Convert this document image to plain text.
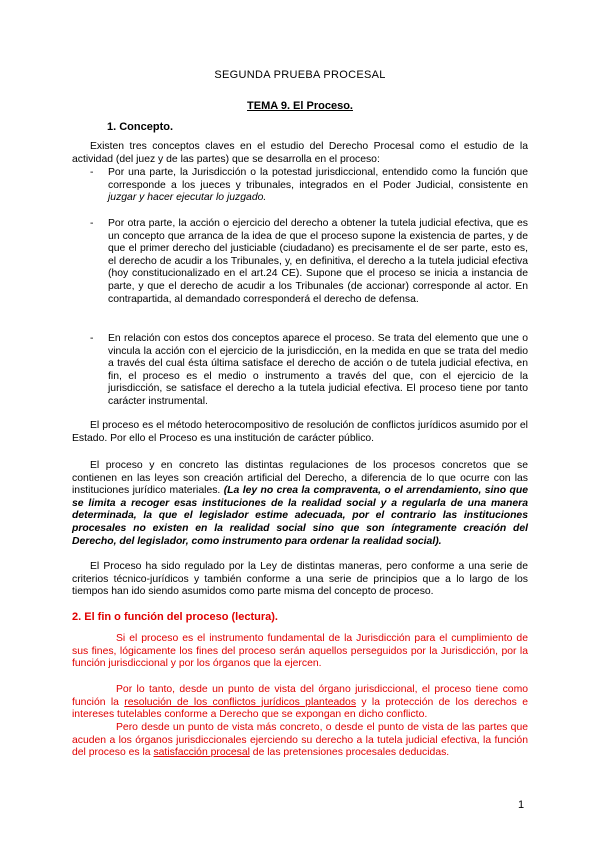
SEGUNDA PRUEBA PROCESAL
TEMA 9. El Proceso.
1. Concepto.

Existen tres conceptos claves en el estudio del Derecho Procesal como el estudio de la actividad (del juez y de las partes) que se desarrolla en el proceso:

- Por una parte, la Jurisdicción o la potestad jurisdiccional, entendido como la función que corresponde a los jueces y tribunales, integrados en el Poder Judicial, consistente en juzgar y hacer ejecutar lo juzgado.

- Por otra parte, la acción o ejercicio del derecho a obtener la tutela judicial efectiva, que es un concepto que arranca de la idea de que el proceso supone la existencia de partes, y de que el primer derecho del justiciable (ciudadano) es precisamente el de ser parte, esto es, el derecho de acudir a los Tribunales, y, en definitiva, el derecho a la tutela judicial efectiva (hoy constitucionalizado en el art.24 CE). Supone que el proceso se inicia a instancia de parte, y que el derecho de acudir a los Tribunales (de accionar) corresponde al actor. En contrapartida, al demandado corresponderá el derecho de defensa.

- En relación con estos dos conceptos aparece el proceso. Se trata del elemento que une o vincula la acción con el ejercicio de la jurisdicción, en la medida en que se trata del medio a través del cual ésta última satisface el derecho de acción o de tutela judicial efectiva, en fin, el proceso es el medio o instrumento a través del que, con el ejercicio de la jurisdicción, se satisface el derecho a la tutela judicial efectiva. El proceso tiene por tanto carácter instrumental.

El proceso es el método heterocompositivo de resolución de conflictos jurídicos asumido por el Estado. Por ello el Proceso es una institución de carácter público.

El proceso y en concreto las distintas regulaciones de los procesos concretos que se contienen en las leyes son creación artificial del Derecho, a diferencia de lo que ocurre con las instituciones jurídico materiales. (La ley no crea la compraventa, o el arrendamiento, sino que se limita a recoger esas instituciones de la realidad social y a regularla de una manera determinada, la que el legislador estime adecuada, por el contrario las instituciones procesales no existen en la realidad social sino que son íntegramente creación del Derecho, del legislador, como instrumento para ordenar la realidad social).

El Proceso ha sido regulado por la Ley de distintas maneras, pero conforme a una serie de criterios técnico-jurídicos y también conforme a una serie de principios que a lo largo de los tiempos han ido siendo asumidos como parte misma del concepto de proceso.

2. El fin o función del proceso (lectura).

Si el proceso es el instrumento fundamental de la Jurisdicción para el cumplimiento de sus fines, lógicamente los fines del proceso serán aquellos perseguidos por la Jurisdicción, por la función jurisdiccional y por los órganos que la ejercen.

Por lo tanto, desde un punto de vista del órgano jurisdiccional, el proceso tiene como función la resolución de los conflictos jurídicos planteados y la protección de los derechos e intereses tutelables conforme a Derecho que se expongan en dicho conflicto.

Pero desde un punto de vista más concreto, o desde el punto de vista de las partes que acuden a los órganos jurisdiccionales ejerciendo su derecho a la tutela judicial efectiva, la función del proceso es la satisfacción procesal de las pretensiones procesales deducidas.

1
